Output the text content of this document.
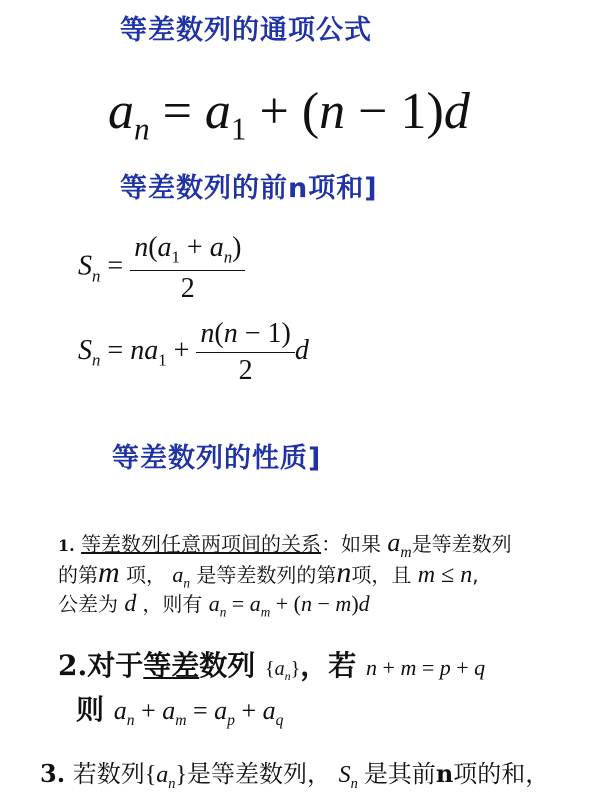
等差数列的通项公式
$a_n = a_1 + (n - 1)d$
等差数列的前n项和]
$S_n = \frac{n(a_1 + a_n)}{2}$
$S_n = na_1 + \frac{n(n - 1)}{2}$ d
等差数列的性质]
1. 等差数列任意两项间的关系：如果 $a_m$是等差数列
的第m 项， $a_n$ 是等差数列的第n项，且 m ≤ n,
公差为 d ，则有 $a_n = a_m + (n - m)d$
2.对于等差数列 $\{a_n\}$，若 n + m = p + q
则 $a_n + a_m = a_p + a_q$
3. 若数列$\{a_n\}$是等差数列， $S_n$ 是其前n项的和，
